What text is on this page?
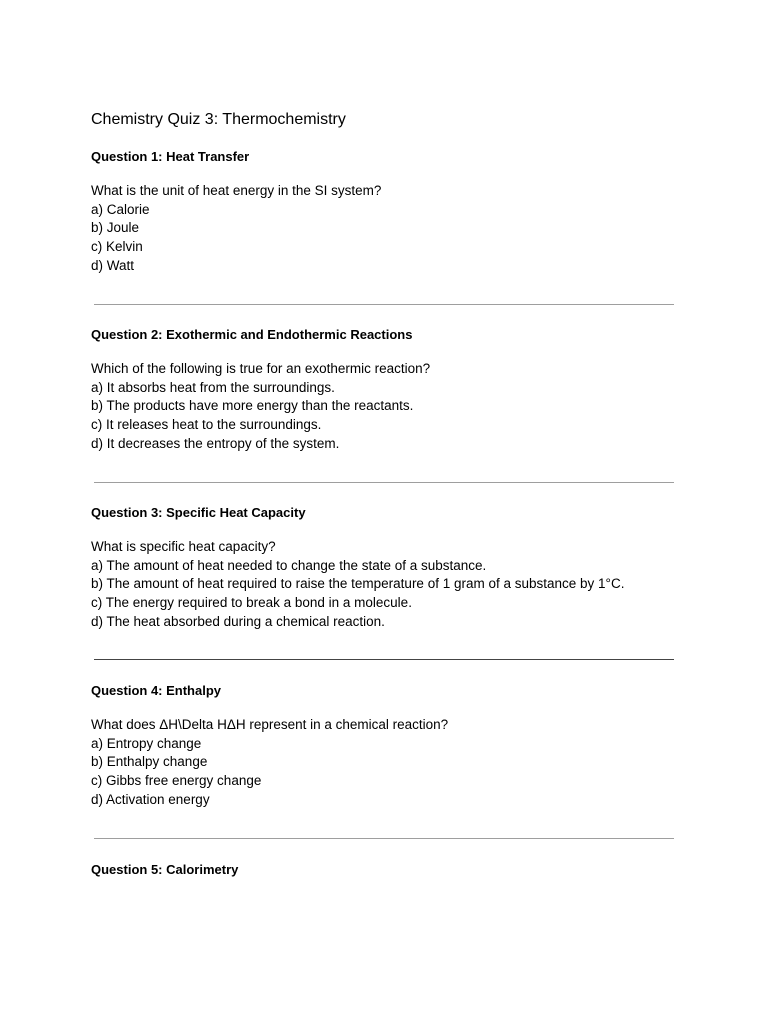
Chemistry Quiz 3: Thermochemistry
Question 1: Heat Transfer
What is the unit of heat energy in the SI system?
a) Calorie
b) Joule
c) Kelvin
d) Watt
Question 2: Exothermic and Endothermic Reactions
Which of the following is true for an exothermic reaction?
a) It absorbs heat from the surroundings.
b) The products have more energy than the reactants.
c) It releases heat to the surroundings.
d) It decreases the entropy of the system.
Question 3: Specific Heat Capacity
What is specific heat capacity?
a) The amount of heat needed to change the state of a substance.
b) The amount of heat required to raise the temperature of 1 gram of a substance by 1°C.
c) The energy required to break a bond in a molecule.
d) The heat absorbed during a chemical reaction.
Question 4: Enthalpy
What does ΔH\Delta HΔH represent in a chemical reaction?
a) Entropy change
b) Enthalpy change
c) Gibbs free energy change
d) Activation energy
Question 5: Calorimetry
